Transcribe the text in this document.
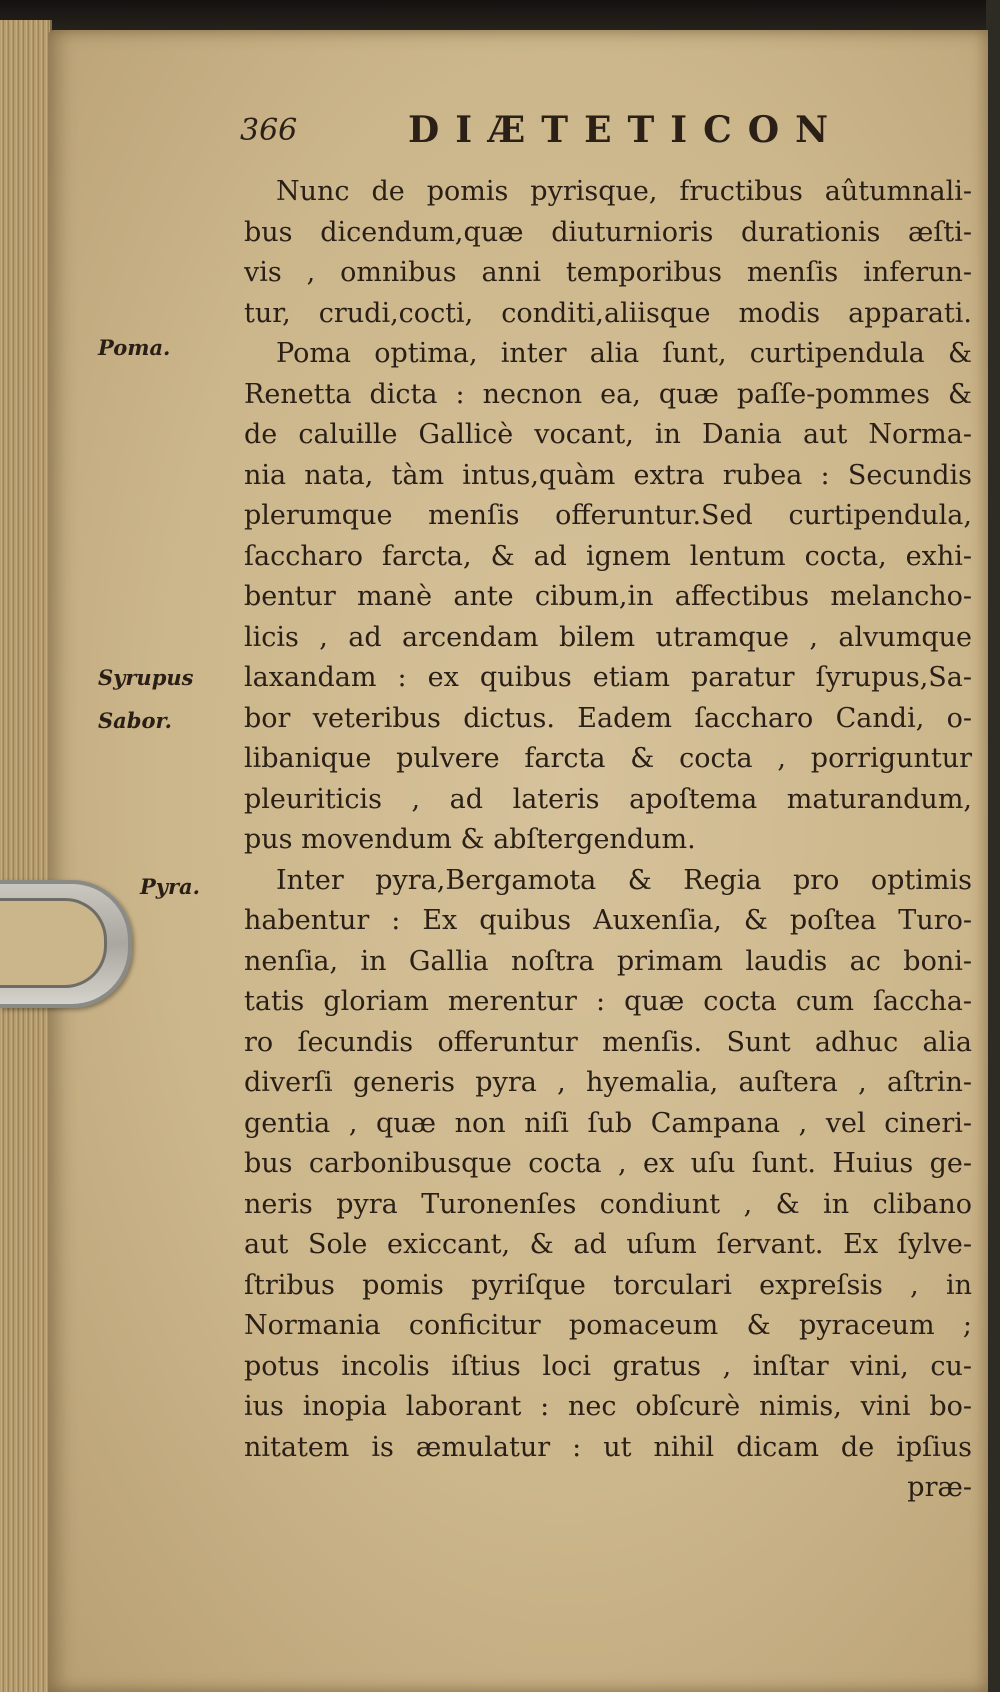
366	DIÆTETICON
Poma.
Syrupus
Sabor.
Pyra.
Nunc de pomis pyrisque, fructibus aûtumnali-
bus dicendum,quæ diuturnioris durationis æſti-
vis , omnibus anni temporibus menſis inferun-
tur, crudi,cocti, conditi,aliisque modis apparati.
Poma optima, inter alia ſunt, curtipendula &
Renetta dicta : necnon ea, quæ paſſe-pommes &
de caluille Gallicè vocant, in Dania aut Norma-
nia nata, tàm intus,quàm extra rubea : Secundis
plerumque menſis offeruntur.Sed curtipendula,
ſaccharo farcta, & ad ignem lentum cocta, exhi-
bentur manè ante cibum,in affectibus melancho-
licis , ad arcendam bilem utramque , alvumque
laxandam : ex quibus etiam paratur ſyrupus,Sa-
bor veteribus dictus. Eadem ſaccharo Candi, o-
libanique pulvere farcta & cocta , porriguntur
pleuriticis , ad lateris apoſtema maturandum,
pus movendum & abſtergendum.
Inter pyra,Bergamota & Regia pro optimis
habentur : Ex quibus Auxenſia, & poſtea Turo-
nenſia, in Gallia noſtra primam laudis ac boni-
tatis gloriam merentur : quæ cocta cum ſaccha-
ro ſecundis offeruntur menſis. Sunt adhuc alia
diverſi generis pyra , hyemalia, auſtera , aſtrin-
gentia , quæ non niſi ſub Campana , vel cineri-
bus carbonibusque cocta , ex uſu ſunt. Huius ge-
neris pyra Turonenſes condiunt , & in clibano
aut Sole exiccant, & ad uſum ſervant. Ex ſylve-
ſtribus pomis pyriſque torculari expreſsis , in
Normania conficitur pomaceum & pyraceum ;
potus incolis iſtius loci gratus , inſtar vini, cu-
ius inopia laborant : nec obſcurè nimis, vini bo-
nitatem is æmulatur : ut nihil dicam de ipſius
præ-
